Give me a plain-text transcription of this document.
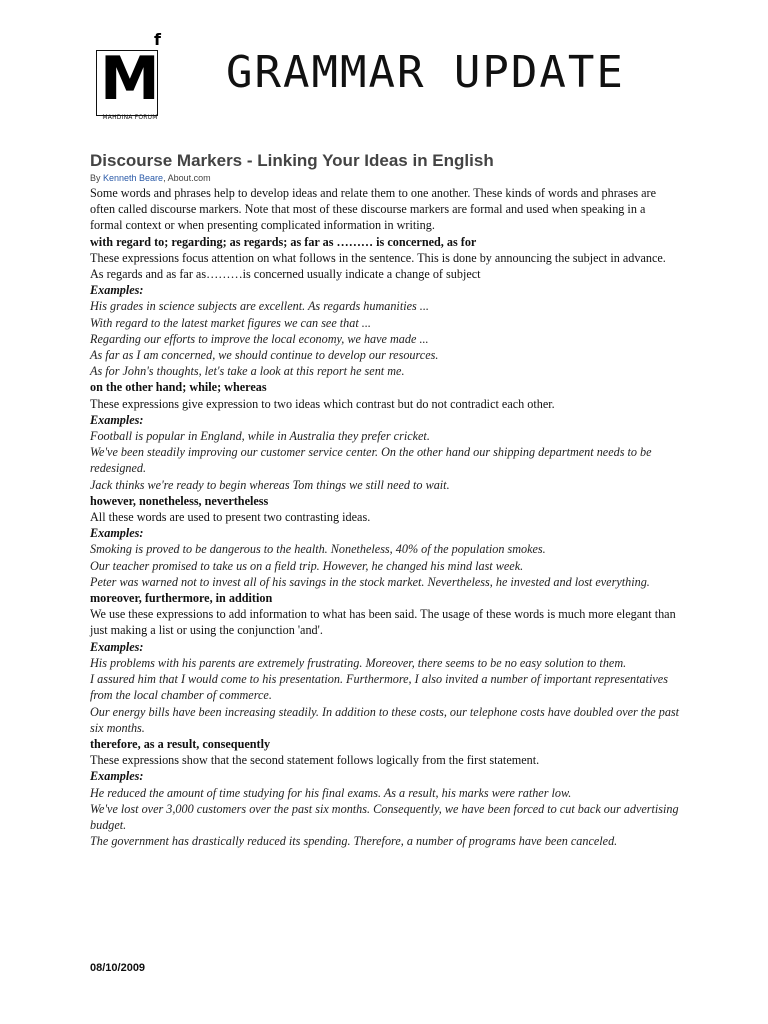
M
f
MAHDINA FORUM
GRAMMAR UPDATE
Discourse Markers - Linking Your Ideas in English

By Kenneth Beare, About.com

Some words and phrases help to develop ideas and relate them to one another. These kinds of words and phrases are often called discourse markers. Note that most of these discourse markers are formal and used when speaking in a formal context or when presenting complicated information in writing.

with regard to; regarding; as regards; as far as ……… is concerned, as for

These expressions focus attention on what follows in the sentence. This is done by announcing the subject in advance. As regards and as far as………is concerned usually indicate a change of subject

Examples:

His grades in science subjects are excellent. As regards humanities ...

With regard to the latest market figures we can see that ...

Regarding our efforts to improve the local economy, we have made ...

As far as I am concerned, we should continue to develop our resources.

As for John's thoughts, let's take a look at this report he sent me.

on the other hand; while; whereas

These expressions give expression to two ideas which contrast but do not contradict each other.

Examples:

Football is popular in England, while in Australia they prefer cricket.

We've been steadily improving our customer service center. On the other hand our shipping department needs to be redesigned.

Jack thinks we're ready to begin whereas Tom things we still need to wait.

however, nonetheless, nevertheless

All these words are used to present two contrasting ideas.

Examples:

Smoking is proved to be dangerous to the health. Nonetheless, 40% of the population smokes.

Our teacher promised to take us on a field trip. However, he changed his mind last week.

Peter was warned not to invest all of his savings in the stock market. Nevertheless, he invested and lost everything.

moreover, furthermore, in addition

We use these expressions to add information to what has been said. The usage of these words is much more elegant than just making a list or using the conjunction 'and'.

Examples:

His problems with his parents are extremely frustrating. Moreover, there seems to be no easy solution to them.

I assured him that I would come to his presentation. Furthermore, I also invited a number of important representatives from the local chamber of commerce.

Our energy bills have been increasing steadily. In addition to these costs, our telephone costs have doubled over the past six months.

therefore, as a result, consequently

These expressions show that the second statement follows logically from the first statement.

Examples:

He reduced the amount of time studying for his final exams. As a result, his marks were rather low.

We've lost over 3,000 customers over the past six months. Consequently, we have been forced to cut back our advertising budget.

The government has drastically reduced its spending. Therefore, a number of programs have been canceled.

08/10/2009
